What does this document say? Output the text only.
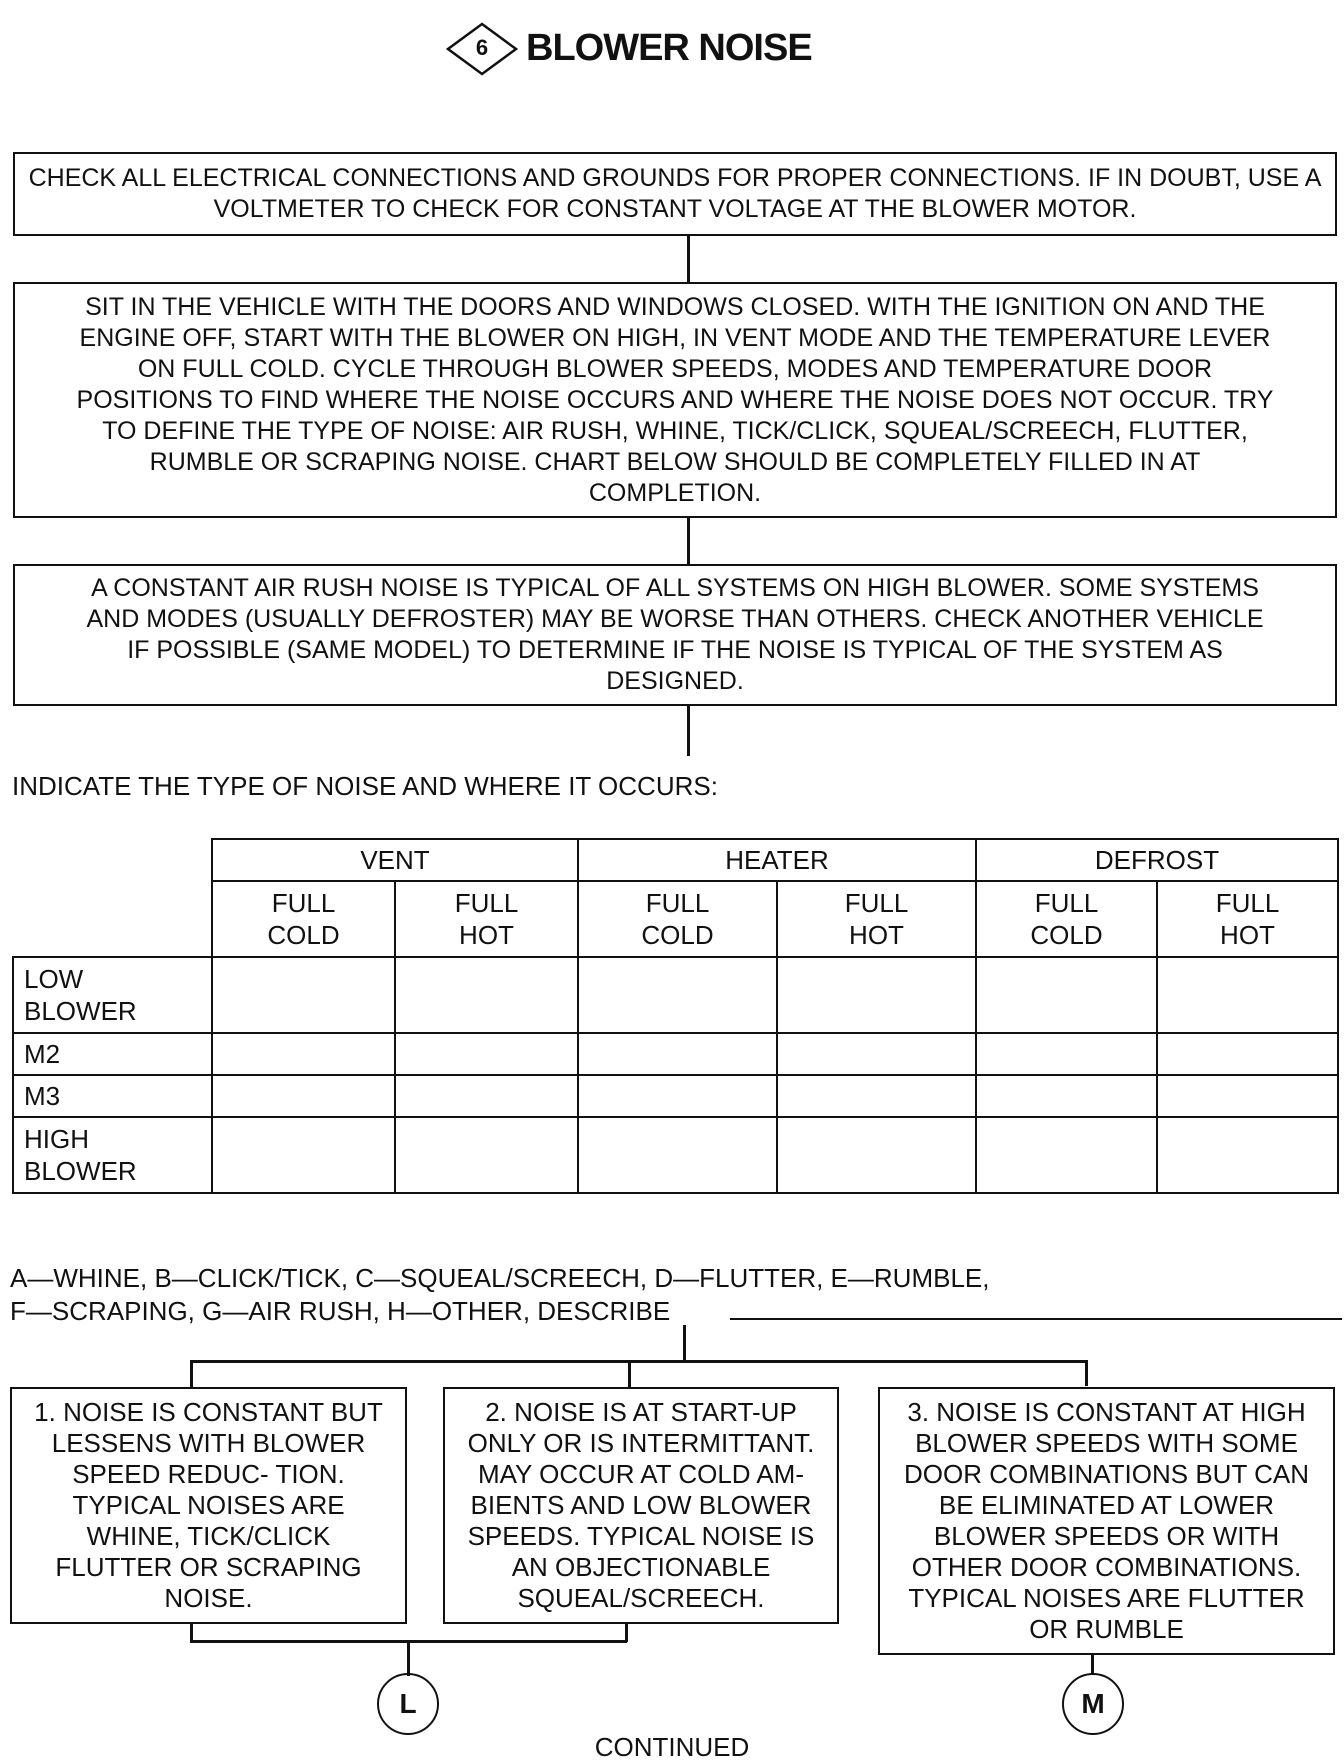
6 BLOWER NOISE
CHECK ALL ELECTRICAL CONNECTIONS AND GROUNDS FOR PROPER CONNECTIONS. IF IN DOUBT, USE A VOLTMETER TO CHECK FOR CONSTANT VOLTAGE AT THE BLOWER MOTOR.
SIT IN THE VEHICLE WITH THE DOORS AND WINDOWS CLOSED. WITH THE IGNITION ON AND THE ENGINE OFF, START WITH THE BLOWER ON HIGH, IN VENT MODE AND THE TEMPERATURE LEVER ON FULL COLD. CYCLE THROUGH BLOWER SPEEDS, MODES AND TEMPERATURE DOOR POSITIONS TO FIND WHERE THE NOISE OCCURS AND WHERE THE NOISE DOES NOT OCCUR. TRY TO DEFINE THE TYPE OF NOISE: AIR RUSH, WHINE, TICK/CLICK, SQUEAL/SCREECH, FLUTTER, RUMBLE OR SCRAPING NOISE. CHART BELOW SHOULD BE COMPLETELY FILLED IN AT COMPLETION.
A CONSTANT AIR RUSH NOISE IS TYPICAL OF ALL SYSTEMS ON HIGH BLOWER. SOME SYSTEMS AND MODES (USUALLY DEFROSTER) MAY BE WORSE THAN OTHERS. CHECK ANOTHER VEHICLE IF POSSIBLE (SAME MODEL) TO DETERMINE IF THE NOISE IS TYPICAL OF THE SYSTEM AS DESIGNED.
INDICATE THE TYPE OF NOISE AND WHERE IT OCCURS:
	VENT		HEATER		DEFROST	
	FULL COLD	FULL HOT	FULL COLD	FULL HOT	FULL COLD	FULL HOT
LOW BLOWER						
M2						
M3						
HIGH BLOWER						
A—WHINE, B—CLICK/TICK, C—SQUEAL/SCREECH, D—FLUTTER, E—RUMBLE,
F—SCRAPING, G—AIR RUSH, H—OTHER, DESCRIBE
1. NOISE IS CONSTANT BUT LESSENS WITH BLOWER SPEED REDUC- TION. TYPICAL NOISES ARE WHINE, TICK/CLICK FLUTTER OR SCRAPING NOISE.
2. NOISE IS AT START-UP ONLY OR IS INTERMITTANT. MAY OCCUR AT COLD AM- BIENTS AND LOW BLOWER SPEEDS. TYPICAL NOISE IS AN OBJECTIONABLE SQUEAL/SCREECH.
3. NOISE IS CONSTANT AT HIGH BLOWER SPEEDS WITH SOME DOOR COMBINATIONS BUT CAN BE ELIMINATED AT LOWER BLOWER SPEEDS OR WITH OTHER DOOR COMBINATIONS. TYPICAL NOISES ARE FLUTTER OR RUMBLE
L	M
CONTINUED
